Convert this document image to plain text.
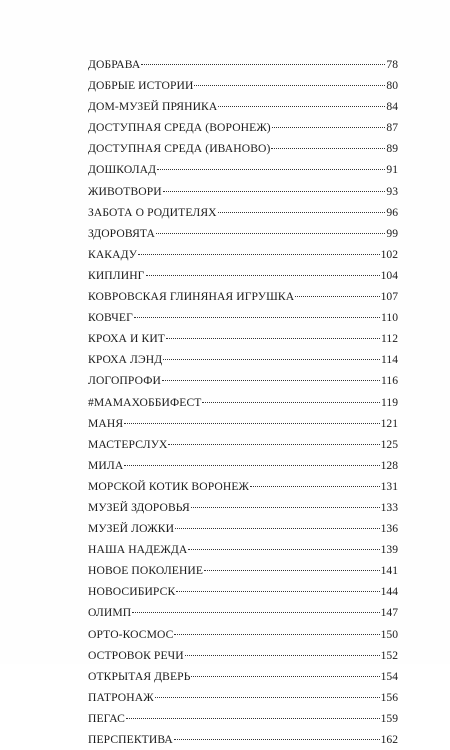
ДОБРАВА	78
ДОБРЫЕ ИСТОРИИ	80
ДОМ-МУЗЕЙ ПРЯНИКА	84
ДОСТУПНАЯ СРЕДА (ВОРОНЕЖ)	87
ДОСТУПНАЯ СРЕДА (ИВАНОВО)	89
ДОШКОЛАД	91
ЖИВОТВОРИ	93
ЗАБОТА О РОДИТЕЛЯХ	96
ЗДОРОВЯТА	99
КАКАДУ	102
КИПЛИНГ	104
КОВРОВСКАЯ ГЛИНЯНАЯ ИГРУШКА	107
КОВЧЕГ	110
КРОХА И КИТ	112
КРОХА ЛЭНД	114
ЛОГОПРОФИ	116
#МАМАХОББИФЕСТ	119
МАНЯ	121
МАСТЕРСЛУХ	125
МИЛА	128
МОРСКОЙ КОТИК ВОРОНЕЖ	131
МУЗЕЙ ЗДОРОВЬЯ	133
МУЗЕЙ ЛОЖКИ	136
НАША НАДЕЖДА	139
НОВОЕ ПОКОЛЕНИЕ	141
НОВОСИБИРСК	144
ОЛИМП	147
ОРТО-КОСМОС	150
ОСТРОВОК РЕЧИ	152
ОТКРЫТАЯ ДВЕРЬ	154
ПАТРОНАЖ	156
ПЕГАС	159
ПЕРСПЕКТИВА	162
